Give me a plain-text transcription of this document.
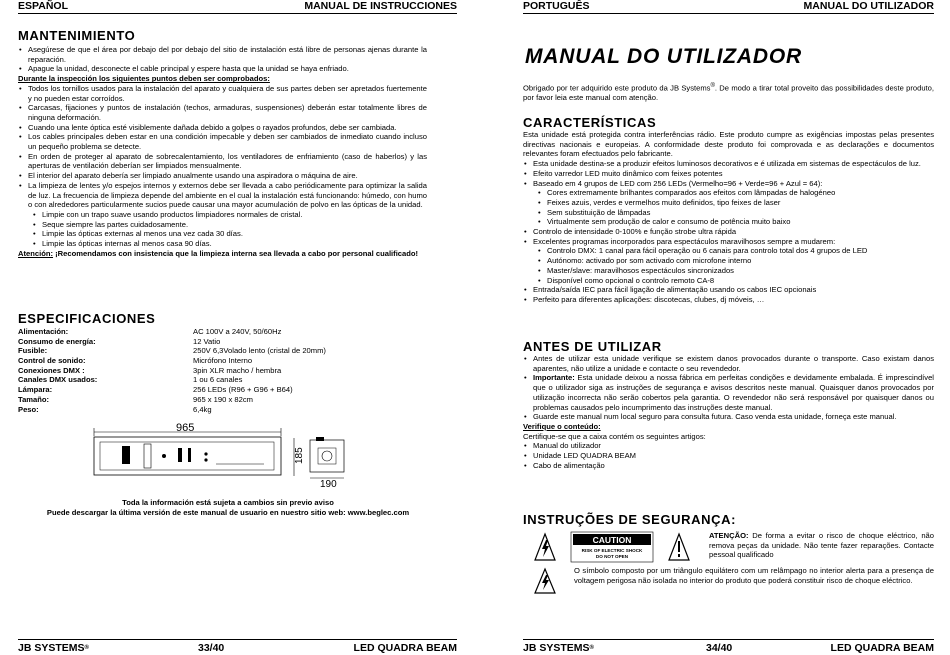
ESPAÑOL	MANUAL DE INSTRUCCIONES
MANTENIMIENTO
• Asegúrese de que el área por debajo del por debajo del sitio de instalación está libre de personas ajenas durante la reparación.
• Apague la unidad, desconecte el cable principal y espere hasta que la unidad se haya enfriado.

Durante la inspección los siguientes puntos deben ser comprobados:

• Todos los tornillos usados para la instalación del aparato y cualquiera de sus partes deben ser apretados fuertemente y no pueden estar corroídos.
• Carcasas, fijaciones y puntos de instalación (techos, armaduras, suspensiones) deberán estar totalmente libres de ninguna deformación.
• Cuando una lente óptica esté visiblemente dañada debido a golpes o rayados profundos, debe ser cambiada.
• Los cables principales deben estar en una condición impecable y deben ser cambiados de inmediato cuando incluso un pequeño problema se detecte.
• En orden de proteger al aparato de sobrecalentamiento, los ventiladores de enfriamiento (caso de haberlos) y las aperturas de ventilación deberían ser limpiados mensualmente.
• El interior del aparato debería ser limpiado anualmente usando una aspiradora o máquina de aire.
• La limpieza de lentes y/o espejos internos y externos debe ser llevada a cabo periódicamente para optimizar la salida de luz. La frecuencia de limpieza depende del ambiente en el cual la instalación está funcionando: húmedo, con humo o con alrededores particularmente sucios puede causar una mayor acumulación de polvo en las ópticas de la unidad.
• Limpie con un trapo suave usando productos limpiadores normales de cristal.
• Seque siempre las partes cuidadosamente.
• Limpie las ópticas externas al menos una vez cada 30 días.
• Limpie las ópticas internas al menos casa 90 días.

Atención: ¡Recomendamos con insistencia que la limpieza interna sea llevada a cabo por personal cualificado!

ESPECIFICACIONES
Alimentación:	AC 100V a 240V, 50/60Hz
Consumo de energía:	12 Vatio
Fusible:	250V 6,3Volado lento (cristal de 20mm)
Control de sonido:	Micrófono Interno
Conexiones DMX :	3pin XLR macho / hembra
Canales DMX usados:	1 ou 6 canales
Lámpara:	256 LEDs (R96 + G96 + B64)
Tamaño:	965 x 190 x 82cm
Peso:	6,4kg
965
185
190
Toda la información está sujeta a cambios sin previo aviso
Puede descargar la última versión de este manual de usuario en nuestro sitio web: www.beglec.com
JB SYSTEMS®	33/40	LED QUADRA BEAM
PORTUGUÊS	MANUAL DO UTILIZADOR
MANUAL DO UTILIZADOR

Obrigado por ter adquirido este produto da JB Systems®. De modo a tirar total proveito das possibilidades deste produto, por favor leia este manual com atenção.

CARACTERÍSTICAS

Esta unidade está protegida contra interferências rádio. Este produto cumpre as exigências impostas pelas presentes directivas nacionais e europeias. A conformidade deste produto foi comprovada e as declarações e documentos relevantes foram efectuados pelo fabricante.

• Esta unidade destina-se a produzir efeitos luminosos decorativos e é utilizada em sistemas de espectáculos de luz.
• Efeito varredor LED muito dinâmico com feixes potentes
• Baseado em 4 grupos de LED com 256 LEDs (Vermelho=96 + Verde=96 + Azul = 64):
• Cores extremamente brilhantes comparados aos efeitos com lâmpadas de halogéneo
• Feixes azuis, verdes e vermelhos muito definidos, tipo feixes de laser
• Sem substituição de lâmpadas
• Virtualmente sem produção de calor e consumo de potência muito baixo
• Controlo de intensidade 0-100% e função strobe ultra rápida
• Excelentes programas incorporados para espectáculos maravilhosos sempre a mudarem:
• Controlo DMX: 1 canal para fácil operação ou 6 canais para controlo total dos 4 grupos de LED
• Autónomo: activado por som activado com microfone interno
• Master/slave: maravilhosos espectáculos sincronizados
• Disponível como opcional o controlo remoto CA-8
• Entrada/saída IEC para fácil ligação de alimentação usando os cabos IEC opcionais
• Perfeito para diferentes aplicações: discotecas, clubes, dj móveis, …
ANTES DE UTILIZAR
• Antes de utilizar esta unidade verifique se existem danos provocados durante o transporte. Caso existam danos aparentes, não utilize a unidade e contacte o seu revendedor.
• Importante: Esta unidade deixou a nossa fábrica em perfeitas condições e devidamente embalada. É imprescindível que o utilizador siga as instruções de segurança e avisos descritos neste manual. Quaisquer danos provocados por utilização incorrecta não serão cobertos pela garantia. O revendedor não será responsável por quaisquer danos ou problemas causados pelo incumprimento das instruções deste manual.
• Guarde este manual num local seguro para consulta futura. Caso venda esta unidade, forneça este manual.

Verifique o conteúdo:

Certifique-se que a caixa contém os seguintes artigos:

• Manual do utilizador
• Unidade LED QUADRA BEAM
• Cabo de alimentação
INSTRUÇÕES DE SEGURANÇA:
CAUTION
RISK OF ELECTRIC SHOCK
DO NOT OPEN
ATENÇÃO: De forma a evitar o risco de choque eléctrico, não remova peças da unidade. Não tente fazer reparações. Contacte pessoal qualificado
O símbolo composto por um triângulo equilátero com um relâmpago no interior alerta para a presença de voltagem perigosa não isolada no interior do produto que poderá constituir risco de choque eléctrico.
JB SYSTEMS®	34/40	LED QUADRA BEAM
